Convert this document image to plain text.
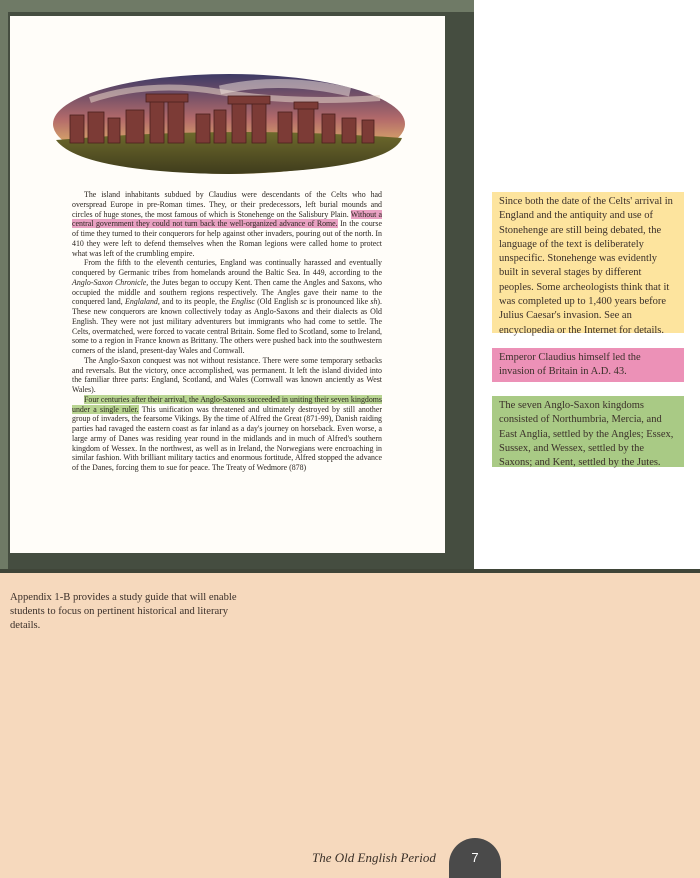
The island inhabitants subdued by Claudius were descendants of the Celts who had overspread Europe in pre-Roman times. They, or their predecessors, left burial mounds and circles of huge stones, the most famous of which is Stonehenge on the Salisbury Plain. Without a central government they could not turn back the well-organized advance of Rome. In the course of time they turned to their conquerors for help against other invaders, pouring out of the north. In 410 they were left to defend themselves when the Roman legions were called home to protect what was left of the crumbling empire.

From the fifth to the eleventh centuries, England was continually harassed and eventually conquered by Germanic tribes from homelands around the Baltic Sea. In 449, according to the Anglo-Saxon Chronicle, the Jutes began to occupy Kent. Then came the Angles and Saxons, who occupied the middle and southern regions respectively. The Angles gave their name to the conquered land, Englaland, and to its people, the Englisc (Old English sc is pronounced like sh). These new conquerors are known collectively today as Anglo-Saxons and their dialects as Old English. They were not just military adventurers but immigrants who had come to settle. The Celts, overmatched, were forced to vacate central Britain. Some fled to Scotland, some to Ireland, some to a region in France known as Brittany. The others were pushed back into the southwestern corners of the island, present-day Wales and Cornwall.

The Anglo-Saxon conquest was not without resistance. There were some temporary setbacks and reversals. But the victory, once accomplished, was permanent. It left the island divided into the familiar three parts: England, Scotland, and Wales (Cornwall was known anciently as West Wales).

Four centuries after their arrival, the Anglo-Saxons succeeded in uniting their seven kingdoms under a single ruler. This unification was threatened and ultimately destroyed by still another group of invaders, the fearsome Vikings. By the time of Alfred the Great (871-99), Danish raiding parties had ravaged the eastern coast as far inland as a day's journey on horseback. Even worse, a large army of Danes was residing year round in the midlands and in much of Alfred's southern kingdom of Wessex. In the northwest, as well as in Ireland, the Norwegians were encroaching in similar fashion. With brilliant military tactics and enormous fortitude, Alfred stopped the advance of the Danes, forcing them to sue for peace. The Treaty of Wedmore (878)

Since both the date of the Celts' arrival in England and the antiquity and use of Stonehenge are still being debated, the language of the text is deliberately unspecific. Stonehenge was evidently built in several stages by different peoples. Some archeologists think that it was completed up to 1,400 years before Julius Caesar's invasion. See an encyclopedia or the Internet for details.
Emperor Claudius himself led the invasion of Britain in A.D. 43.
The seven Anglo-Saxon kingdoms consisted of Northumbria, Mercia, and East Anglia, settled by the Angles; Essex, Sussex, and Wessex, settled by the Saxons; and Kent, settled by the Jutes.
Appendix 1-B provides a study guide that will enable students to focus on pertinent historical and literary details.
The Old English Period	7
